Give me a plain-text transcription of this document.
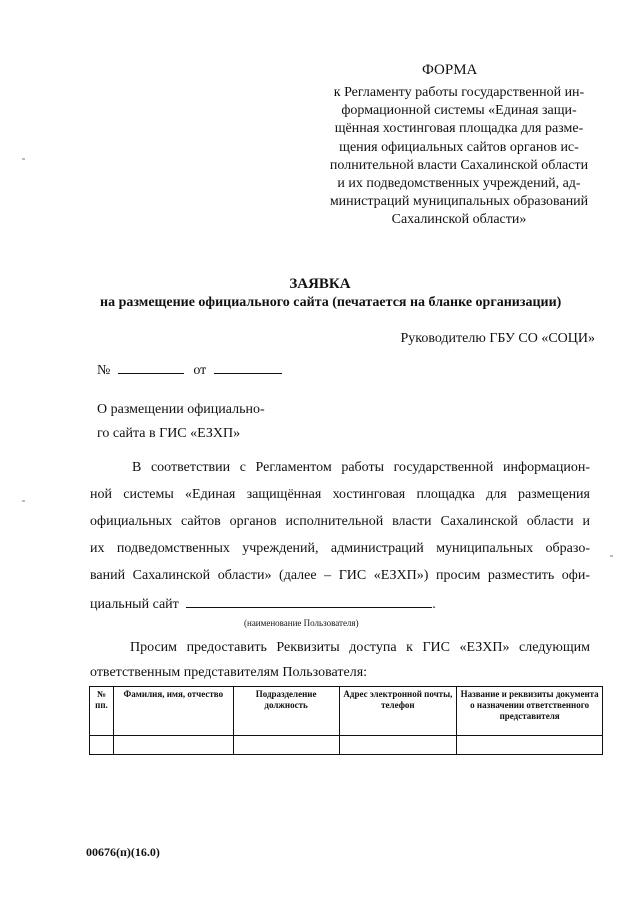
ФОРМА
к Регламенту работы государственной ин-
формационной системы «Единая защи-
щённая хостинговая площадка для разме-
щения официальных сайтов органов ис-
полнительной власти Сахалинской области
и их подведомственных учреждений, ад-
министраций муниципальных образований
Сахалинской области»
ЗАЯВКА
на размещение официального сайта (печатается на бланке организации)
Руководителю ГБУ СО «СОЦИ»
№	от
О размещении официально-
го сайта в ГИС «ЕЗХП»
В соответствии с Регламентом работы государственной информацион-
ной системы «Единая защищённая хостинговая площадка для размещения
официальных сайтов органов исполнительной власти Сахалинской области и
их подведомственных учреждений, администраций муниципальных образо-
ваний Сахалинской области» (далее – ГИС «ЕЗХП») просим разместить офи-
циальный сайт	.
(наименование Пользователя)
Просим предоставить Реквизиты доступа к ГИС «ЕЗХП» следующим
ответственным представителям Пользователя:
№ пп.	Фамилия, имя, отчество	Подразделение должность	Адрес электронной почты, телефон	Название и реквизиты документа о назначении ответственного представителя

00676(п)(16.0)
